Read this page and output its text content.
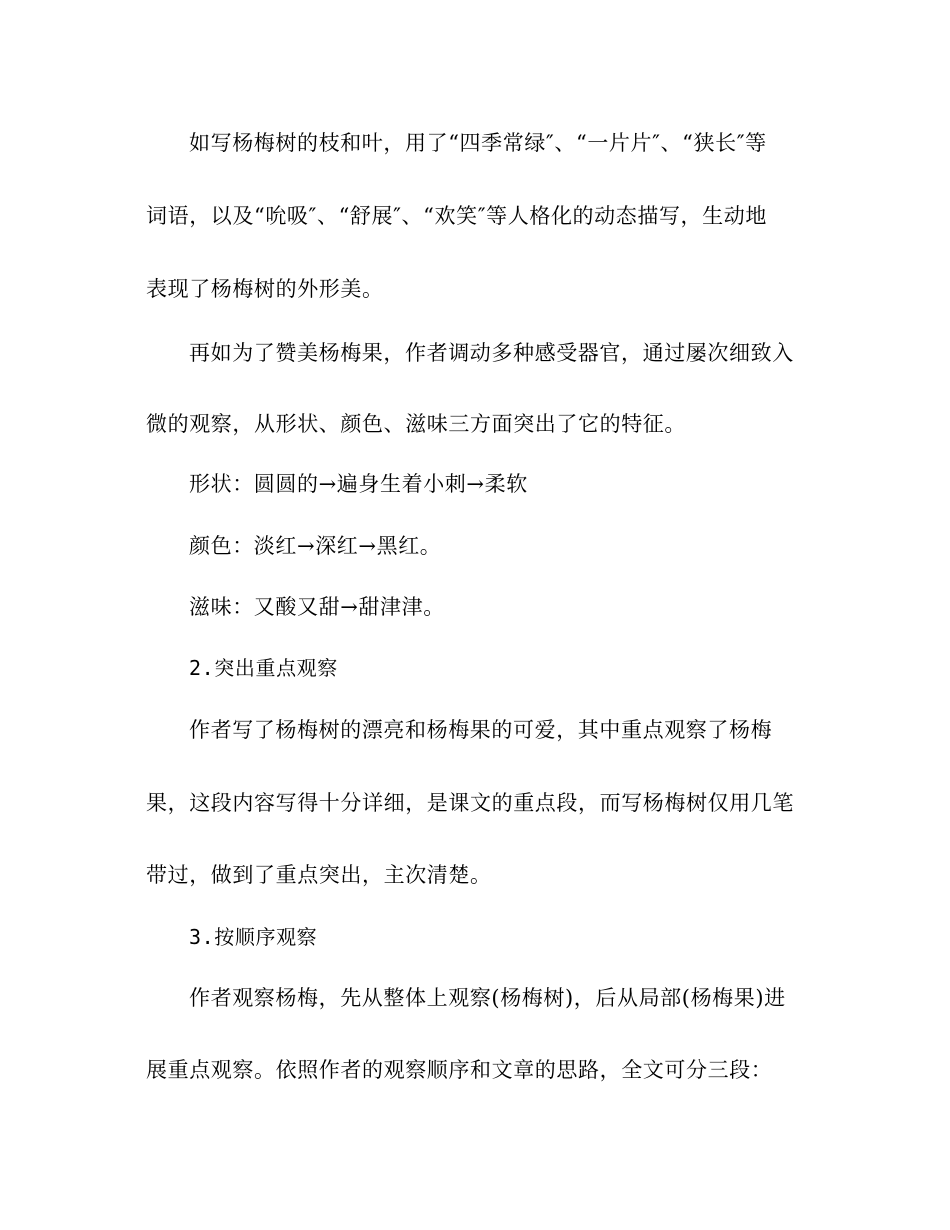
如写杨梅树的枝和叶，用了“四季常绿″、“一片片″、“狭长″等
词语，以及“吮吸″、“舒展″、“欢笑″等人格化的动态描写，生动地
表现了杨梅树的外形美。
再如为了赞美杨梅果，作者调动多种感受器官，通过屡次细致入
微的观察，从形状、颜色、滋味三方面突出了它的特征。
形状：圆圆的→遍身生着小刺→柔软
颜色：淡红→深红→黑红。
滋味：又酸又甜→甜津津。
2.突出重点观察
作者写了杨梅树的漂亮和杨梅果的可爱，其中重点观察了杨梅
果，这段内容写得十分详细，是课文的重点段，而写杨梅树仅用几笔
带过，做到了重点突出，主次清楚。
3.按顺序观察
作者观察杨梅，先从整体上观察(杨梅树)，后从局部(杨梅果)进
展重点观察。依照作者的观察顺序和文章的思路，全文可分三段：
